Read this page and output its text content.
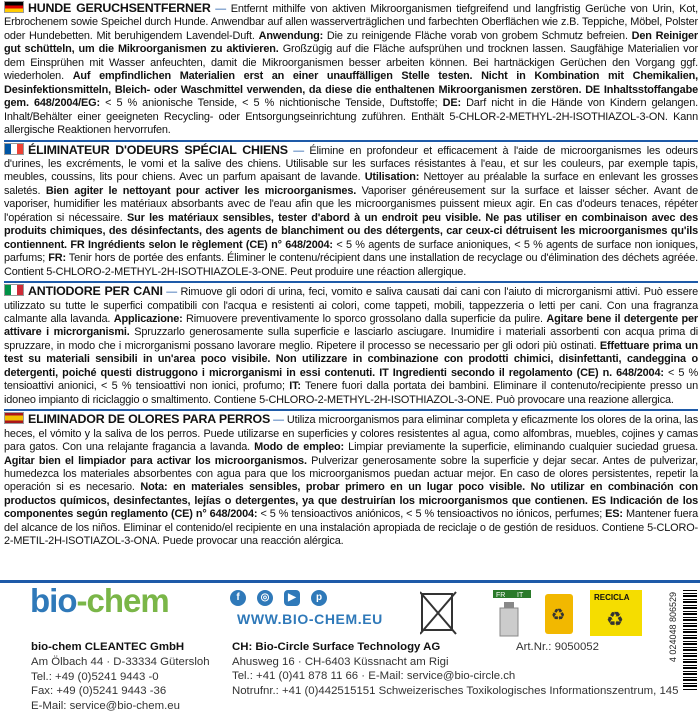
HUNDE GERUCHSENTFERNER — Entfernt mithilfe von aktiven Mikroorganismen tiefgreifend und langfristig Gerüche von Urin, Kot, Erbrochenem sowie Speichel durch Hunde. Anwendbar auf allen wasserverträglichen und farbechten Oberflächen wie z.B. Teppiche, Möbel, Polster oder Hundebetten. Mit beruhigendem Lavendel-Duft. Anwendung: Die zu reinigende Fläche vorab von grobem Schmutz befreien. Den Reiniger gut schütteln, um die Mikroorganismen zu aktivieren. Großzügig auf die Fläche aufsprühen und trocknen lassen. Saugfähige Materialien vor dem Einsprühen mit Wasser anfeuchten, damit die Mikroorganismen besser arbeiten können. Bei hartnäckigen Gerüchen den Vorgang ggf. wiederholen. Auf empfindlichen Materialien erst an einer unauffälligen Stelle testen. Nicht in Kombination mit Chemikalien, Desinfektionsmitteln, Bleich- oder Waschmittel verwenden, da diese die enthaltenen Mikroorganismen zerstören. DE Inhaltsstoffangabe gem. 648/2004/EG: < 5 % anionische Tenside, < 5 % nichtionische Tenside, Duftstoffe; DE: Darf nicht in die Hände von Kindern gelangen. Inhalt/Behälter einer geeigneten Recycling- oder Entsorgungseinrichtung zuführen. Enthält 5-CHLOR-2-METHYL-2H-ISOTHIAZOL-3-ON. Kann allergische Reaktionen hervorrufen.
ÉLIMINATEUR D'ODEURS SPÉCIAL CHIENS — Élimine en profondeur et efficacement à l'aide de microorganismes les odeurs d'urines, les excréments, le vomi et la salive des chiens. Utilisable sur les surfaces résistantes à l'eau, et sur les couleurs, par exemple tapis, meubles, coussins, lits pour chiens. Avec un parfum apaisant de lavande. Utilisation: Nettoyer au préalable la surface en enlevant les grosses saletés. Bien agiter le nettoyant pour activer les microorganismes. Vaporiser généreusement sur la surface et laisser sécher. Avant de vaporiser, humidifier les matériaux absorbants avec de l'eau afin que les microorganismes puissent mieux agir. En cas d'odeurs tenaces, répéter l'opération si nécessaire. Sur les matériaux sensibles, tester d'abord à un endroit peu visible. Ne pas utiliser en combinaison avec des produits chimiques, des désinfectants, des agents de blanchiment ou des détergents, car ceux-ci détruisent les microorganismes qu'ils contiennent. FR Ingrédients selon le règlement (CE) n° 648/2004: < 5 % agents de surface anioniques, < 5 % agents de surface non ioniques, parfums; FR: Tenir hors de portée des enfants. Éliminer le contenu/récipient dans une installation de recyclage ou d'élimination des déchets agréée. Contient 5-CHLORO-2-METHYL-2H-ISOTHIAZOLE-3-ONE. Peut produire une réaction allergique.
ANTIODORE PER CANI — Rimuove gli odori di urina, feci, vomito e saliva causati dai cani con l'aiuto di microrganismi attivi. Può essere utilizzato su tutte le superfici compatibili con l'acqua e resistenti ai colori, come tappeti, mobili, tappezzeria o letti per cani. Con una fragranza calmante alla lavanda. Applicazione: Rimuovere preventivamente lo sporco grossolano dalla superficie da pulire. Agitare bene il detergente per attivare i microrganismi. Spruzzarlo generosamente sulla superficie e lasciarlo asciugare. Inumidire i materiali assorbenti con acqua prima di spruzzare, in modo che i microrganismi possano lavorare meglio. Ripetere il processo se necessario per gli odori più ostinati. Effettuare prima un test su materiali sensibili in un'area poco visibile. Non utilizzare in combinazione con prodotti chimici, disinfettanti, candeggina o detergenti, poiché questi distruggono i microrganismi in essi contenuti. IT Ingredienti secondo il regolamento (CE) n. 648/2004: < 5 % tensioattivi anionici, < 5 % tensioattivi non ionici, profumo; IT: Tenere fuori dalla portata dei bambini. Eliminare il contenuto/recipiente presso un idoneo impianto di riciclaggio o smaltimento. Contiene 5-CHLORO-2-METHYL-2H-ISOTHIAZOL-3-ONE. Può provocare una reazione allergica.
ELIMINADOR DE OLORES PARA PERROS — Utiliza microorganismos para eliminar completa y eficazmente los olores de la orina, las heces, el vómito y la saliva de los perros. Puede utilizarse en superficies y colores resistentes al agua, como alfombras, muebles, cojines y camas para gatos. Con una relajante fragancia a lavanda. Modo de empleo: Limpiar previamente la superficie, eliminando cualquier suciedad gruesa. Agitar bien el limpiador para activar los microorganismos. Pulverizar generosamente sobre la superficie y dejar secar. Antes de pulverizar, humedezca los materiales absorbentes con agua para que los microorganismos puedan actuar mejor. En caso de olores persistentes, repetir la operación si es necesario. Nota: en materiales sensibles, probar primero en un lugar poco visible. No utilizar en combinación con productos químicos, desinfectantes, lejías o detergentes, ya que destruirían los microorganismos que contienen. ES Indicación de los componentes según reglamento (CE) n° 648/2004: < 5 % tensioactivos aniónicos, < 5 % tensioactivos no iónicos, perfumes; ES: Mantener fuera del alcance de los niños. Eliminar el contenido/el recipiente en una instalación apropiada de reciclaje o de gestión de residuos. Contiene 5-CLORO-2-METIL-2H-ISOTIAZOL-3-ONA. Puede provocar una reacción alérgica.
bio-chem	f	◎	▶	p
WWW.BIO-CHEM.EU
FR IT
♻
RECICLA
♻	4 024048 806529
bio-chem CLEANTEC GmbH
Am Ölbach 44 · D-33334 Gütersloh
Tel.: +49 (0)5241 9443 -0
Fax: +49 (0)5241 9443 -36
E-Mail: service@bio-chem.eu
CH: Bio-Circle Surface Technology AG
Ahusweg 16 · CH-6403 Küssnacht am Rigi
Tel.: +41 (0)41 878 11 66 · E-Mail: service@bio-circle.ch
Notrufnr.: +41 (0)442515151 Schweizerisches Toxikologisches Informationszentrum, 145
Art.Nr.: 9050052
